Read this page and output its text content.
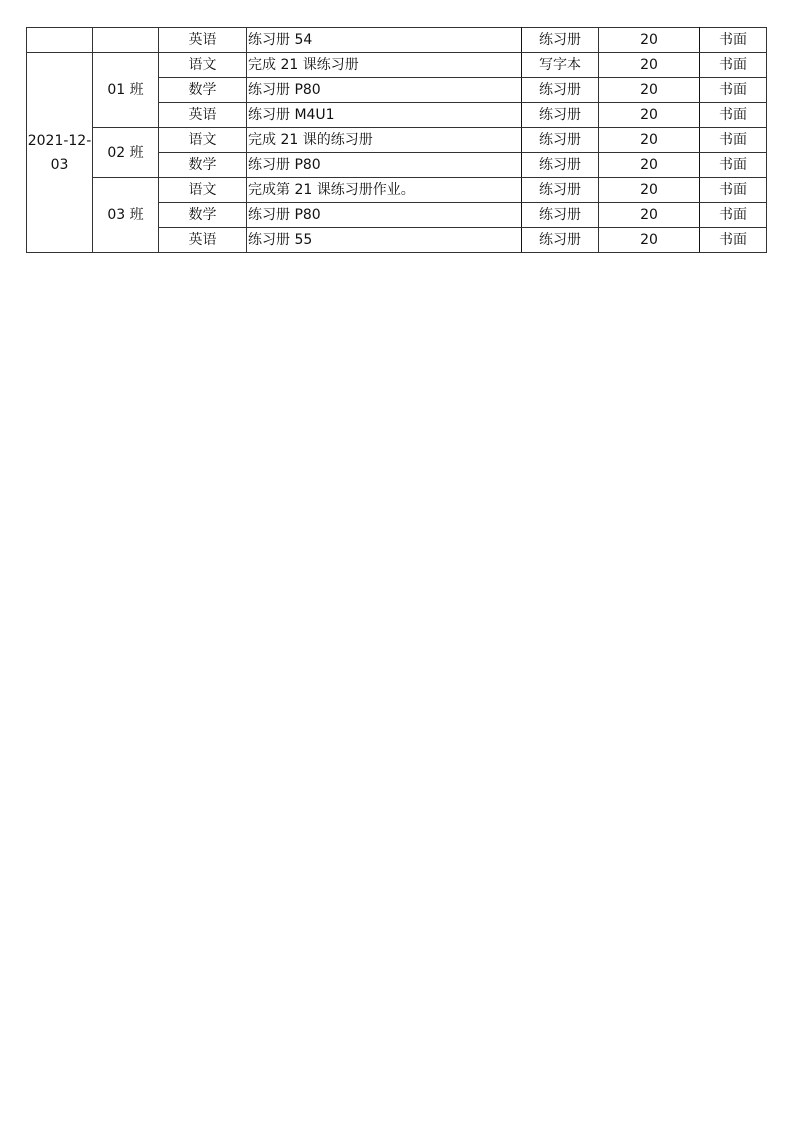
		英语	练习册 54	练习册	20	书面

2021-12-
03	01 班	语文	完成 21 课练习册	写字本	20	书面
		数学	练习册 P80	练习册	20	书面
		英语	练习册 M4U1	练习册	20	书面
	02 班	语文	完成 21 课的练习册	练习册	20	书面
		数学	练习册 P80	练习册	20	书面
	03 班	语文	完成第 21 课练习册作业。	练习册	20	书面
		数学	练习册 P80	练习册	20	书面
		英语	练习册 55	练习册	20	书面
